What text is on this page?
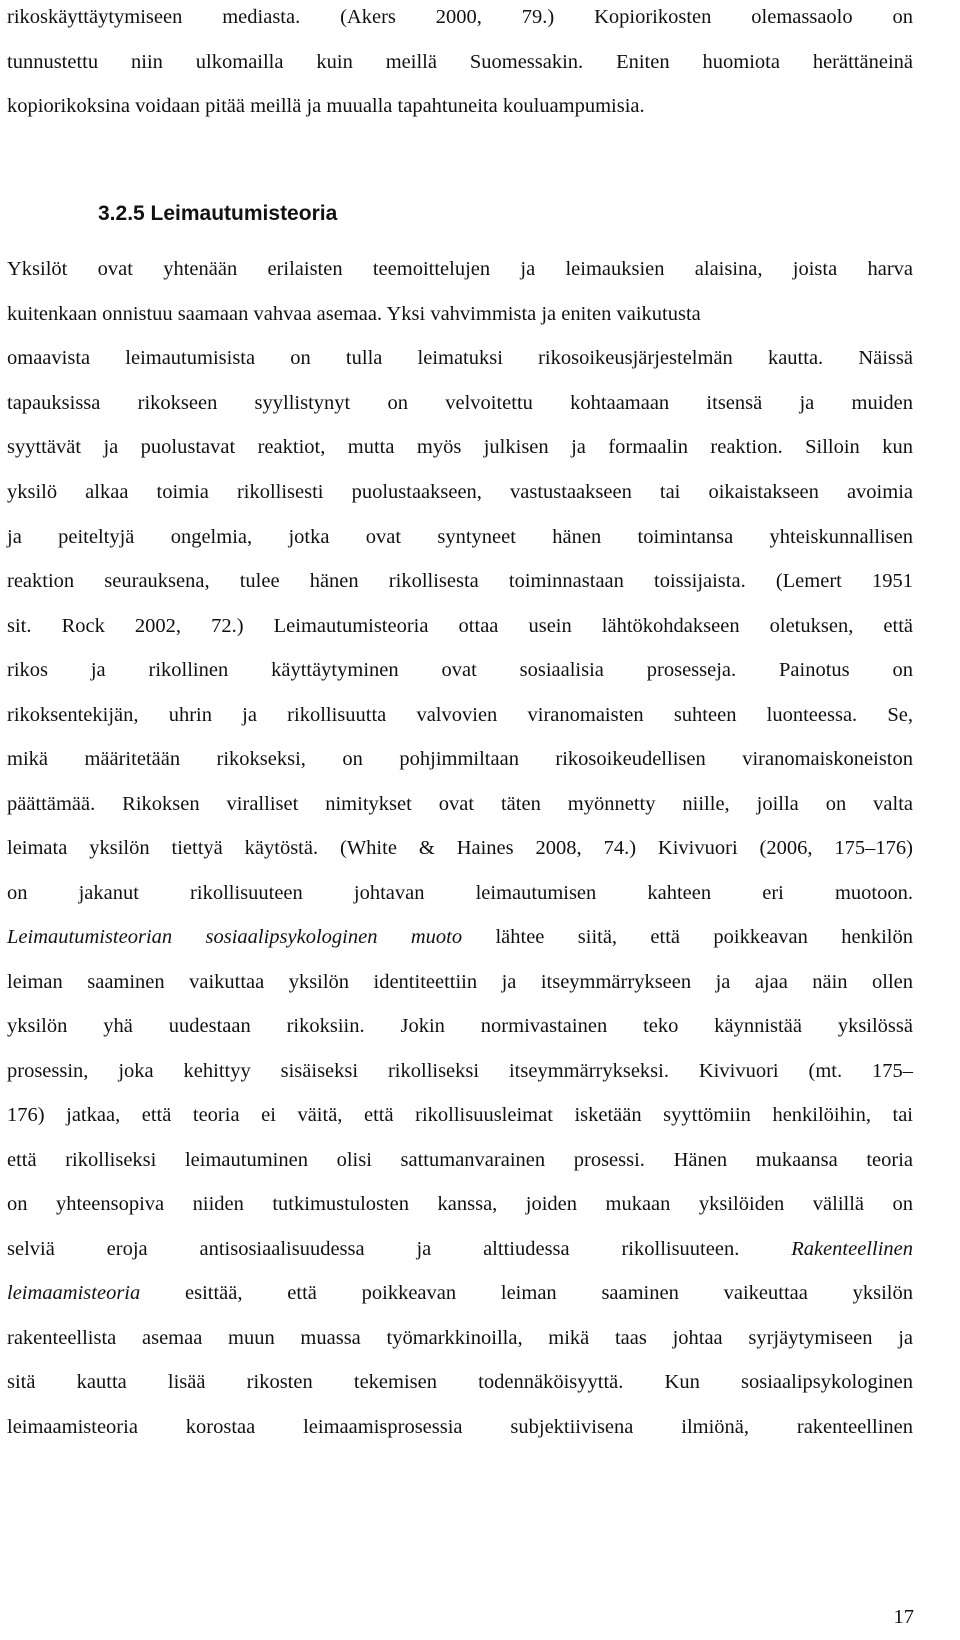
rikoskäyttäytymiseen mediasta. (Akers 2000, 79.) Kopiorikosten olemassaolo on
tunnustettu niin ulkomailla kuin meillä Suomessakin. Eniten huomiota herättäneinä
kopiorikoksina voidaan pitää meillä ja muualla tapahtuneita kouluampumisia.
3.2.5 Leimautumisteoria
Yksilöt ovat yhtenään erilaisten teemoittelujen ja leimauksien alaisina, joista harva
kuitenkaan onnistuu saamaan vahvaa asemaa. Yksi vahvimmista ja eniten vaikutusta
omaavista leimautumisista on tulla leimatuksi rikosoikeusjärjestelmän kautta. Näissä
tapauksissa rikokseen syyllistynyt on velvoitettu kohtaamaan itsensä ja muiden
syyttävät ja puolustavat reaktiot, mutta myös julkisen ja formaalin reaktion. Silloin kun
yksilö alkaa toimia rikollisesti puolustaakseen, vastustaakseen tai oikaistakseen avoimia
ja peiteltyjä ongelmia, jotka ovat syntyneet hänen toimintansa yhteiskunnallisen
reaktion seurauksena, tulee hänen rikollisesta toiminnastaan toissijaista. (Lemert 1951
sit. Rock 2002, 72.) Leimautumisteoria ottaa usein lähtökohdakseen oletuksen, että
rikos ja rikollinen käyttäytyminen ovat sosiaalisia prosesseja. Painotus on
rikoksentekijän, uhrin ja rikollisuutta valvovien viranomaisten suhteen luonteessa. Se,
mikä määritetään rikokseksi, on pohjimmiltaan rikosoikeudellisen viranomaiskoneiston
päättämää. Rikoksen viralliset nimitykset ovat täten myönnetty niille, joilla on valta
leimata yksilön tiettyä käytöstä. (White & Haines 2008, 74.) Kivivuori (2006, 175–176)
on jakanut rikollisuuteen johtavan leimautumisen kahteen eri muotoon.
Leimautumisteorian sosiaalipsykologinen muoto lähtee siitä, että poikkeavan henkilön
leiman saaminen vaikuttaa yksilön identiteettiin ja itseymmärrykseen ja ajaa näin ollen
yksilön yhä uudestaan rikoksiin. Jokin normivastainen teko käynnistää yksilössä
prosessin, joka kehittyy sisäiseksi rikolliseksi itseymmärrykseksi. Kivivuori (mt. 175–
176) jatkaa, että teoria ei väitä, että rikollisuusleimat isketään syyttömiin henkilöihin, tai
että rikolliseksi leimautuminen olisi sattumanvarainen prosessi. Hänen mukaansa teoria
on yhteensopiva niiden tutkimustulosten kanssa, joiden mukaan yksilöiden välillä on
selviä eroja antisosiaalisuudessa ja alttiudessa rikollisuuteen. Rakenteellinen
leimaamisteoria esittää, että poikkeavan leiman saaminen vaikeuttaa yksilön
rakenteellista asemaa muun muassa työmarkkinoilla, mikä taas johtaa syrjäytymiseen ja
sitä kautta lisää rikosten tekemisen todennäköisyyttä. Kun sosiaalipsykologinen
leimaamisteoria korostaa leimaamisprosessia subjektiivisena ilmiönä, rakenteellinen
17
